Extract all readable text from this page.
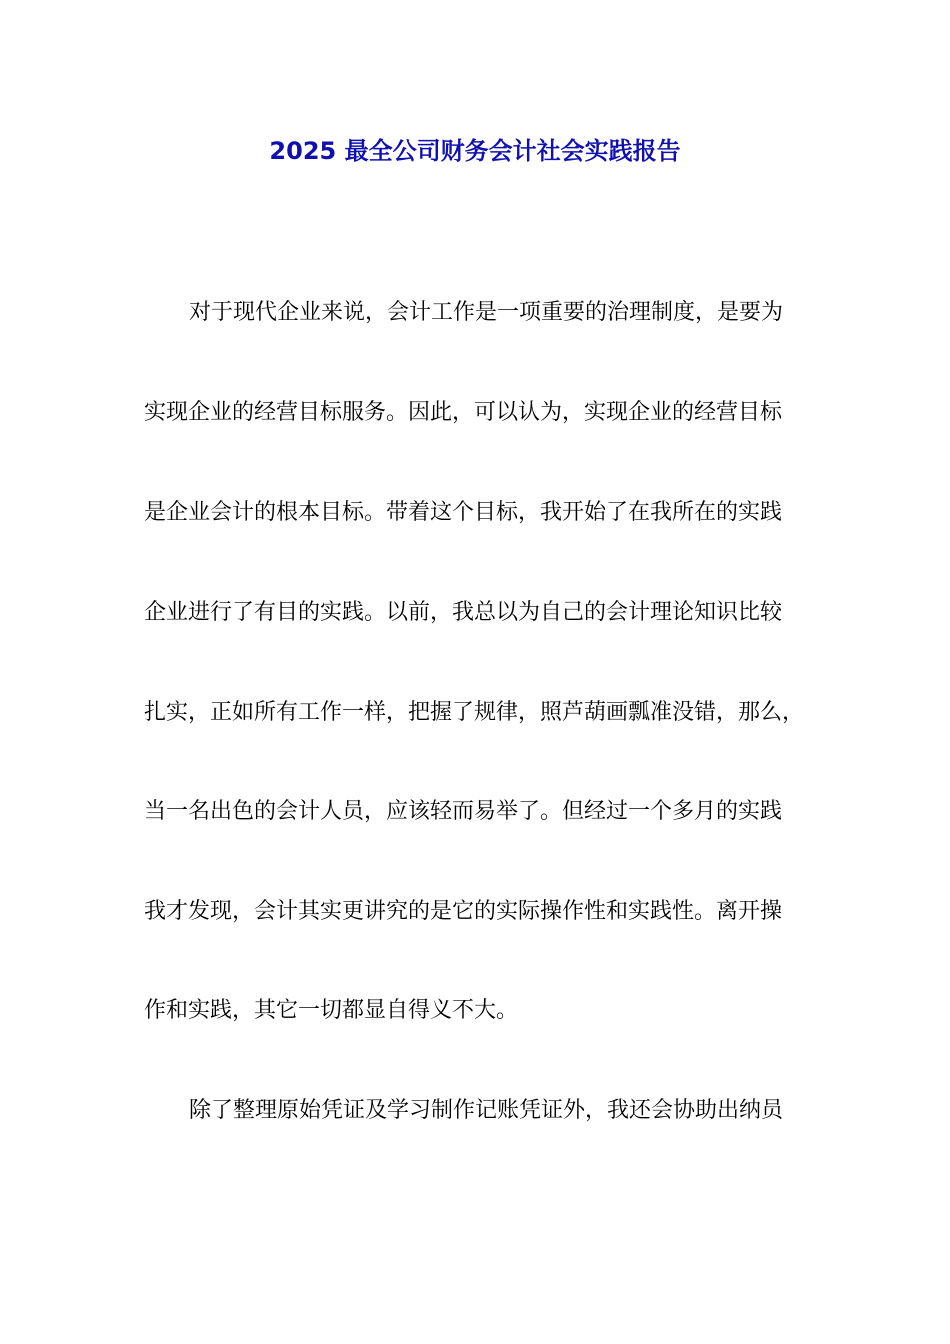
2025 最全公司财务会计社会实践报告
对于现代企业来说，会计工作是一项重要的治理制度，是要为
实现企业的经营目标服务。因此，可以认为，实现企业的经营目标
是企业会计的根本目标。带着这个目标，我开始了在我所在的实践
企业进行了有目的实践。以前，我总以为自己的会计理论知识比较
扎实，正如所有工作一样，把握了规律，照芦葫画瓢准没错，那么，
当一名出色的会计人员，应该轻而易举了。但经过一个多月的实践
我才发现，会计其实更讲究的是它的实际操作性和实践性。离开操
作和实践，其它一切都显自得义不大。
除了整理原始凭证及学习制作记账凭证外，我还会协助出纳员
